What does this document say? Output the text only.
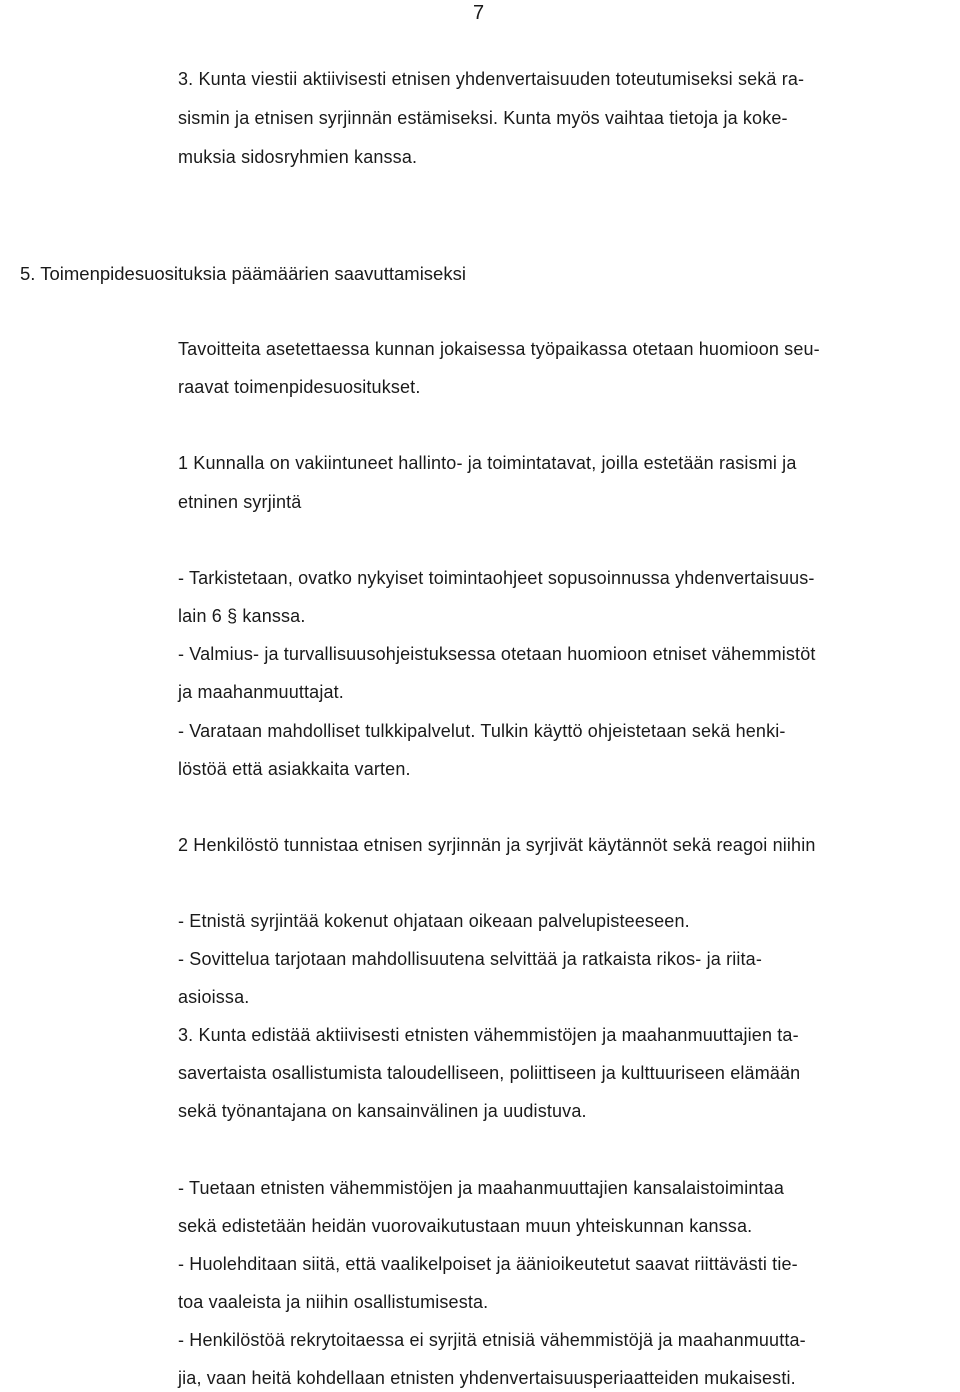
7
3. Kunta viestii aktiivisesti etnisen yhdenvertaisuuden toteutumiseksi sekä ra-
sismin ja etnisen syrjinnän estämiseksi. Kunta myös vaihtaa tietoja ja koke-
muksia sidosryhmien kanssa.
5. Toimenpidesuosituksia päämäärien saavuttamiseksi
Tavoitteita asetettaessa kunnan jokaisessa työpaikassa otetaan huomioon seu-
raavat toimenpidesuositukset.
1 Kunnalla on vakiintuneet hallinto- ja toimintatavat, joilla estetään rasismi ja
etninen syrjintä
- Tarkistetaan, ovatko nykyiset toimintaohjeet sopusoinnussa yhdenvertaisuus-
lain 6 § kanssa.
- Valmius- ja turvallisuusohjeistuksessa otetaan huomioon etniset vähemmistöt
ja maahanmuuttajat.
- Varataan mahdolliset tulkkipalvelut. Tulkin käyttö ohjeistetaan sekä henki-
löstöä että asiakkaita varten.
2 Henkilöstö tunnistaa etnisen syrjinnän ja syrjivät käytännöt sekä reagoi niihin
- Etnistä syrjintää kokenut ohjataan oikeaan palvelupisteeseen.
- Sovittelua tarjotaan mahdollisuutena selvittää ja ratkaista rikos- ja riita-
asioissa.
3. Kunta edistää aktiivisesti etnisten vähemmistöjen ja maahanmuuttajien ta-
savertaista osallistumista taloudelliseen, poliittiseen ja kulttuuriseen elämään
sekä työnantajana on kansainvälinen ja uudistuva.
- Tuetaan etnisten vähemmistöjen ja maahanmuuttajien kansalaistoimintaa
sekä edistetään heidän vuorovaikutustaan muun yhteiskunnan kanssa.
- Huolehditaan siitä, että vaalikelpoiset ja äänioikeutetut saavat riittävästi tie-
toa vaaleista ja niihin osallistumisesta.
- Henkilöstöä rekrytoitaessa ei syrjitä etnisiä vähemmistöjä ja maahanmuutta-
jia, vaan heitä kohdellaan etnisten yhdenvertaisuusperiaatteiden mukaisesti.
